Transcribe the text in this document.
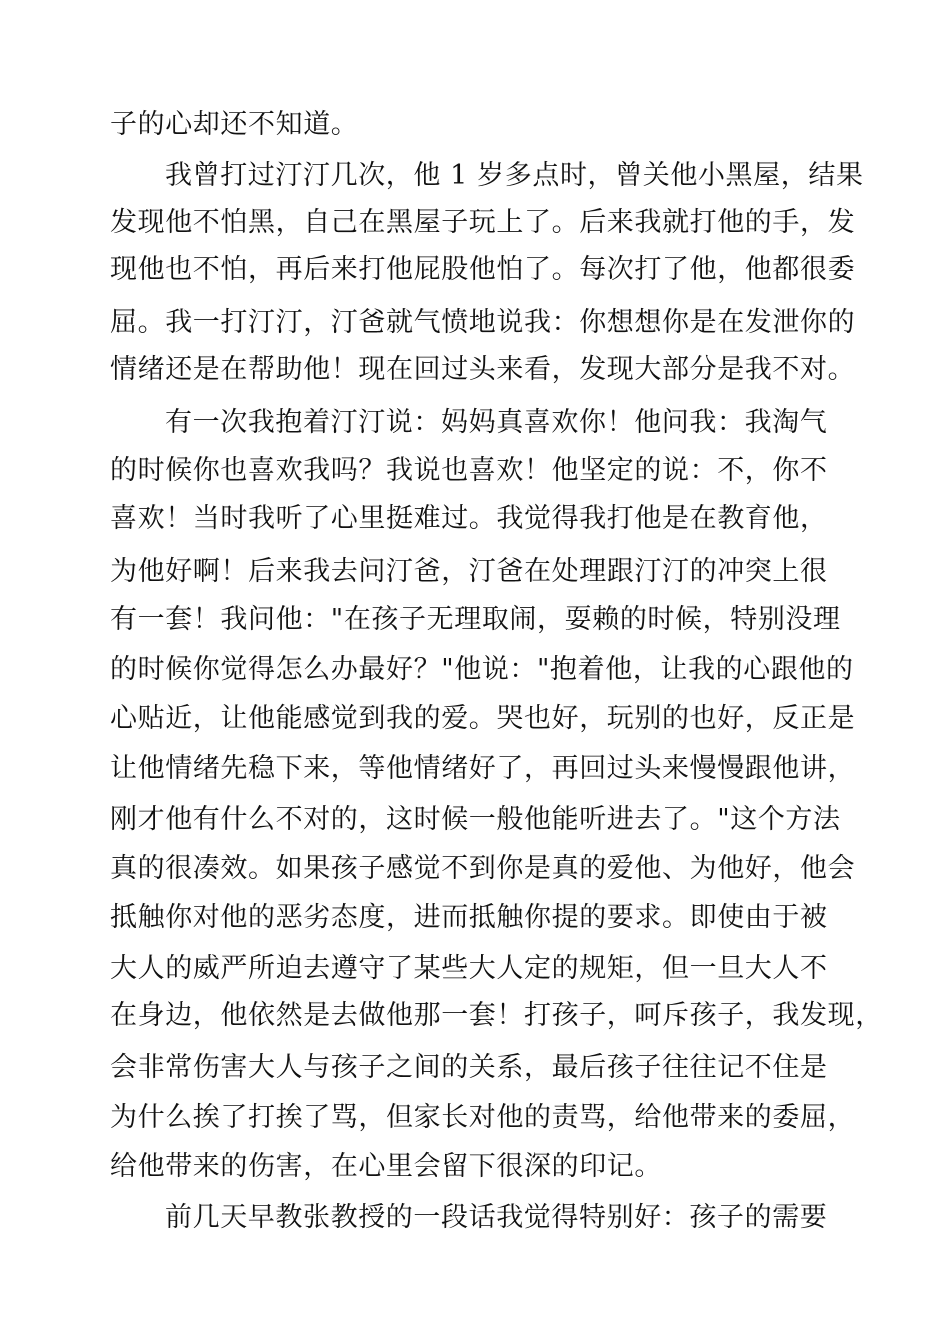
子的心却还不知道。
我曾打过汀汀几次，他 1 岁多点时，曾关他小黑屋，结果
发现他不怕黑，自己在黑屋子玩上了。后来我就打他的手，发
现他也不怕，再后来打他屁股他怕了。每次打了他，他都很委
屈。我一打汀汀，汀爸就气愤地说我：你想想你是在发泄你的
情绪还是在帮助他！现在回过头来看，发现大部分是我不对。
有一次我抱着汀汀说：妈妈真喜欢你！他问我：我淘气
的时候你也喜欢我吗？我说也喜欢！他坚定的说：不，你不
喜欢！当时我听了心里挺难过。我觉得我打他是在教育他，
为他好啊！后来我去问汀爸，汀爸在处理跟汀汀的冲突上很
有一套！我问他："在孩子无理取闹，耍赖的时候，特别没理
的时候你觉得怎么办最好？"他说："抱着他，让我的心跟他的
心贴近，让他能感觉到我的爱。哭也好，玩别的也好，反正是
让他情绪先稳下来，等他情绪好了，再回过头来慢慢跟他讲，
刚才他有什么不对的，这时候一般他能听进去了。"这个方法
真的很凑效。如果孩子感觉不到你是真的爱他、为他好，他会
抵触你对他的恶劣态度，进而抵触你提的要求。即使由于被
大人的威严所迫去遵守了某些大人定的规矩，但一旦大人不
在身边，他依然是去做他那一套！打孩子，呵斥孩子，我发现，
会非常伤害大人与孩子之间的关系，最后孩子往往记不住是
为什么挨了打挨了骂，但家长对他的责骂，给他带来的委屈，
给他带来的伤害，在心里会留下很深的印记。
前几天早教张教授的一段话我觉得特别好：孩子的需要
